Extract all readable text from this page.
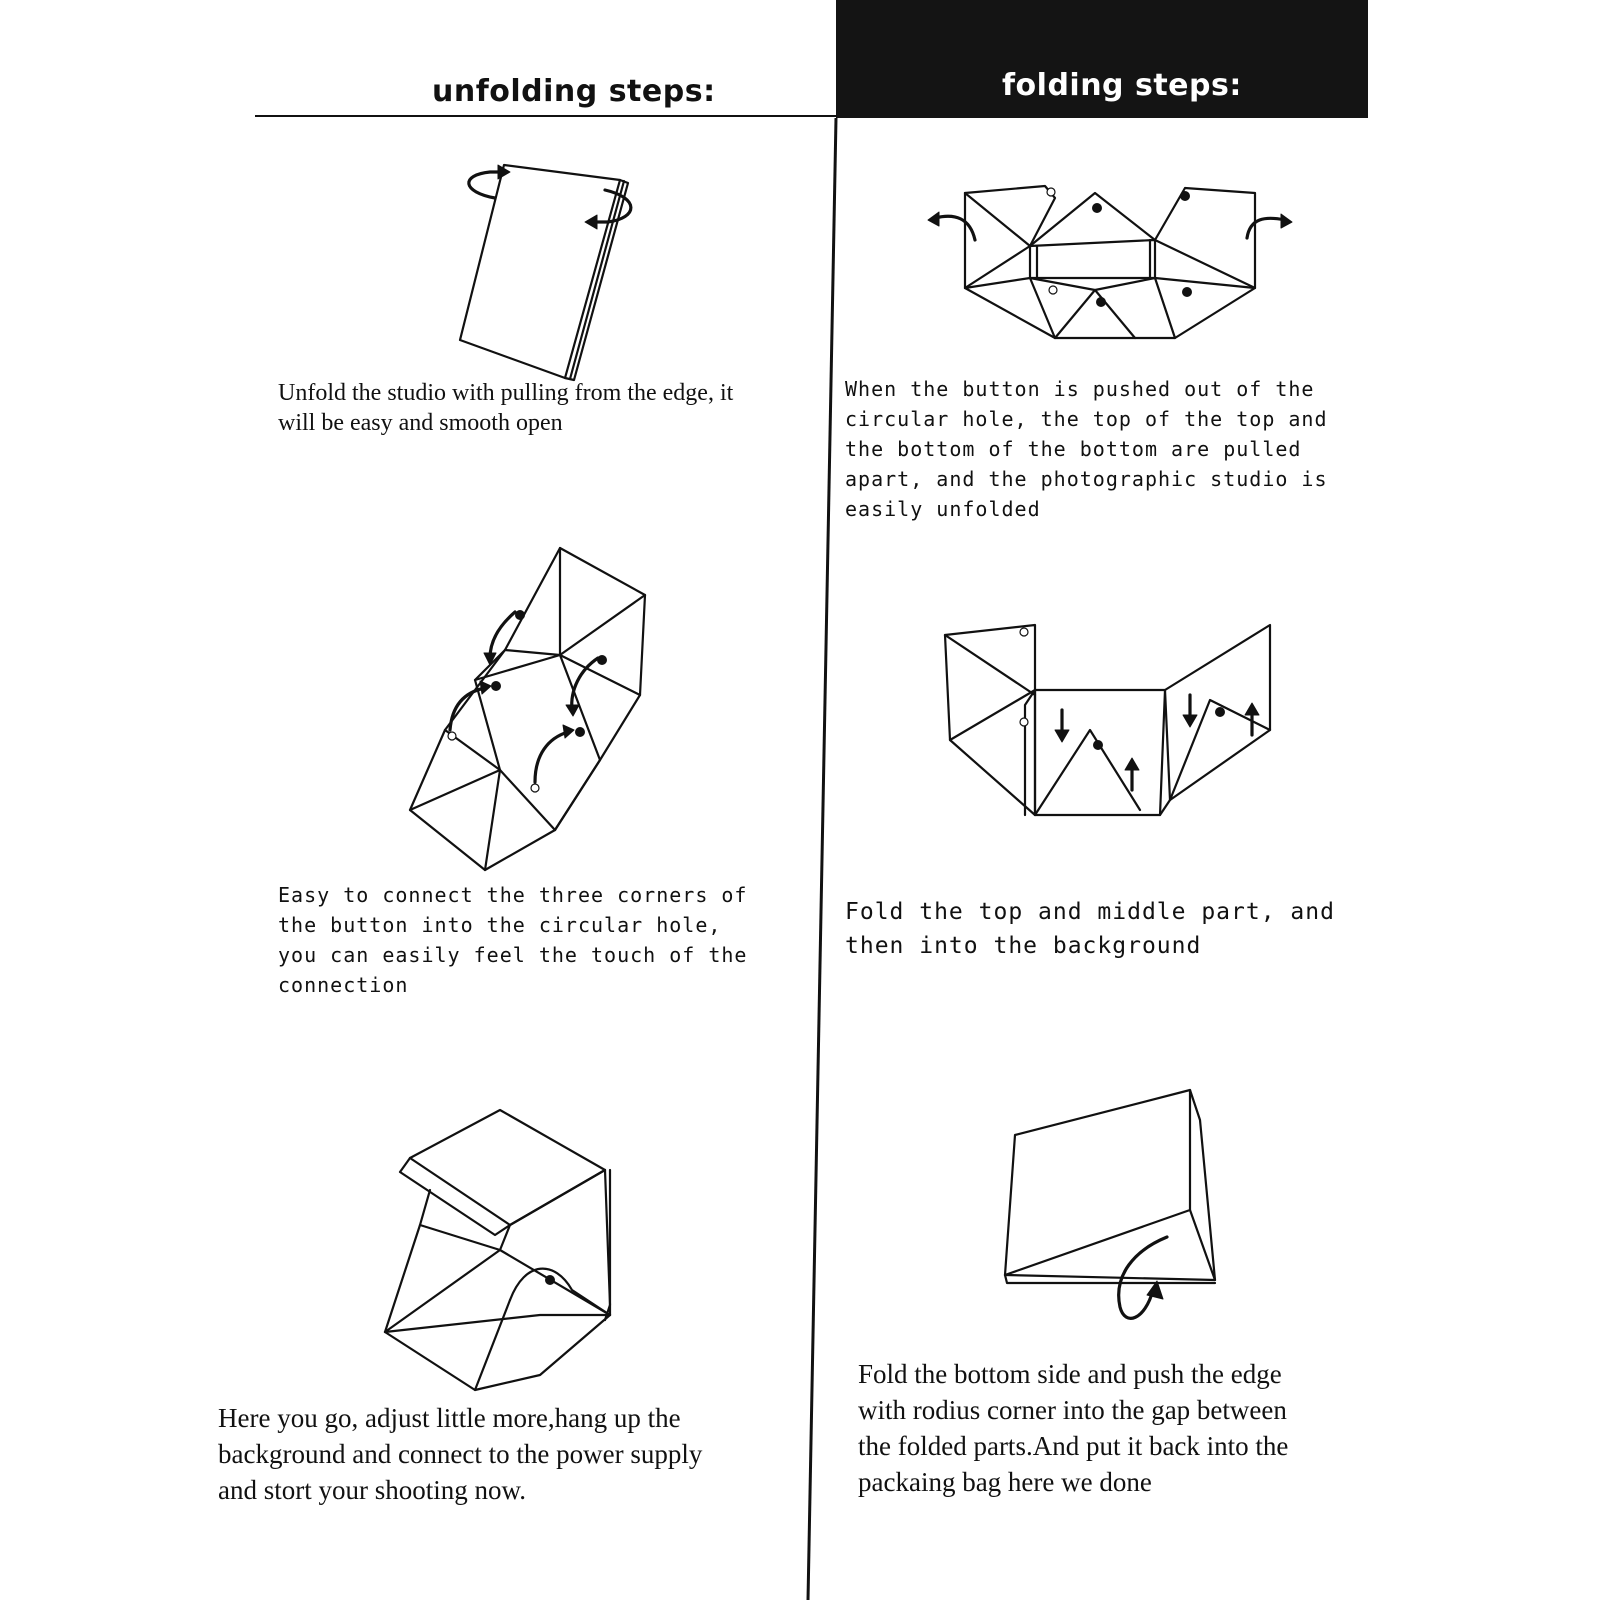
unfolding steps:	folding steps:

Unfold the studio with pulling from the edge, it
will be easy and smooth open

Easy to connect the three corners of
the button into the circular hole,
you can easily feel the touch of the
connection

Here you go, adjust little more,hang up the
background and connect to the power supply
and stort your shooting now.

When the button is pushed out of the
circular hole, the top of the top and
the bottom of the bottom are pulled
apart, and the photographic studio is
easily unfolded

Fold the top and middle part, and
then into the background

Fold the bottom side and push the edge
with rodius corner into the gap between
the folded parts.And put it back into the
packaing bag here we done
